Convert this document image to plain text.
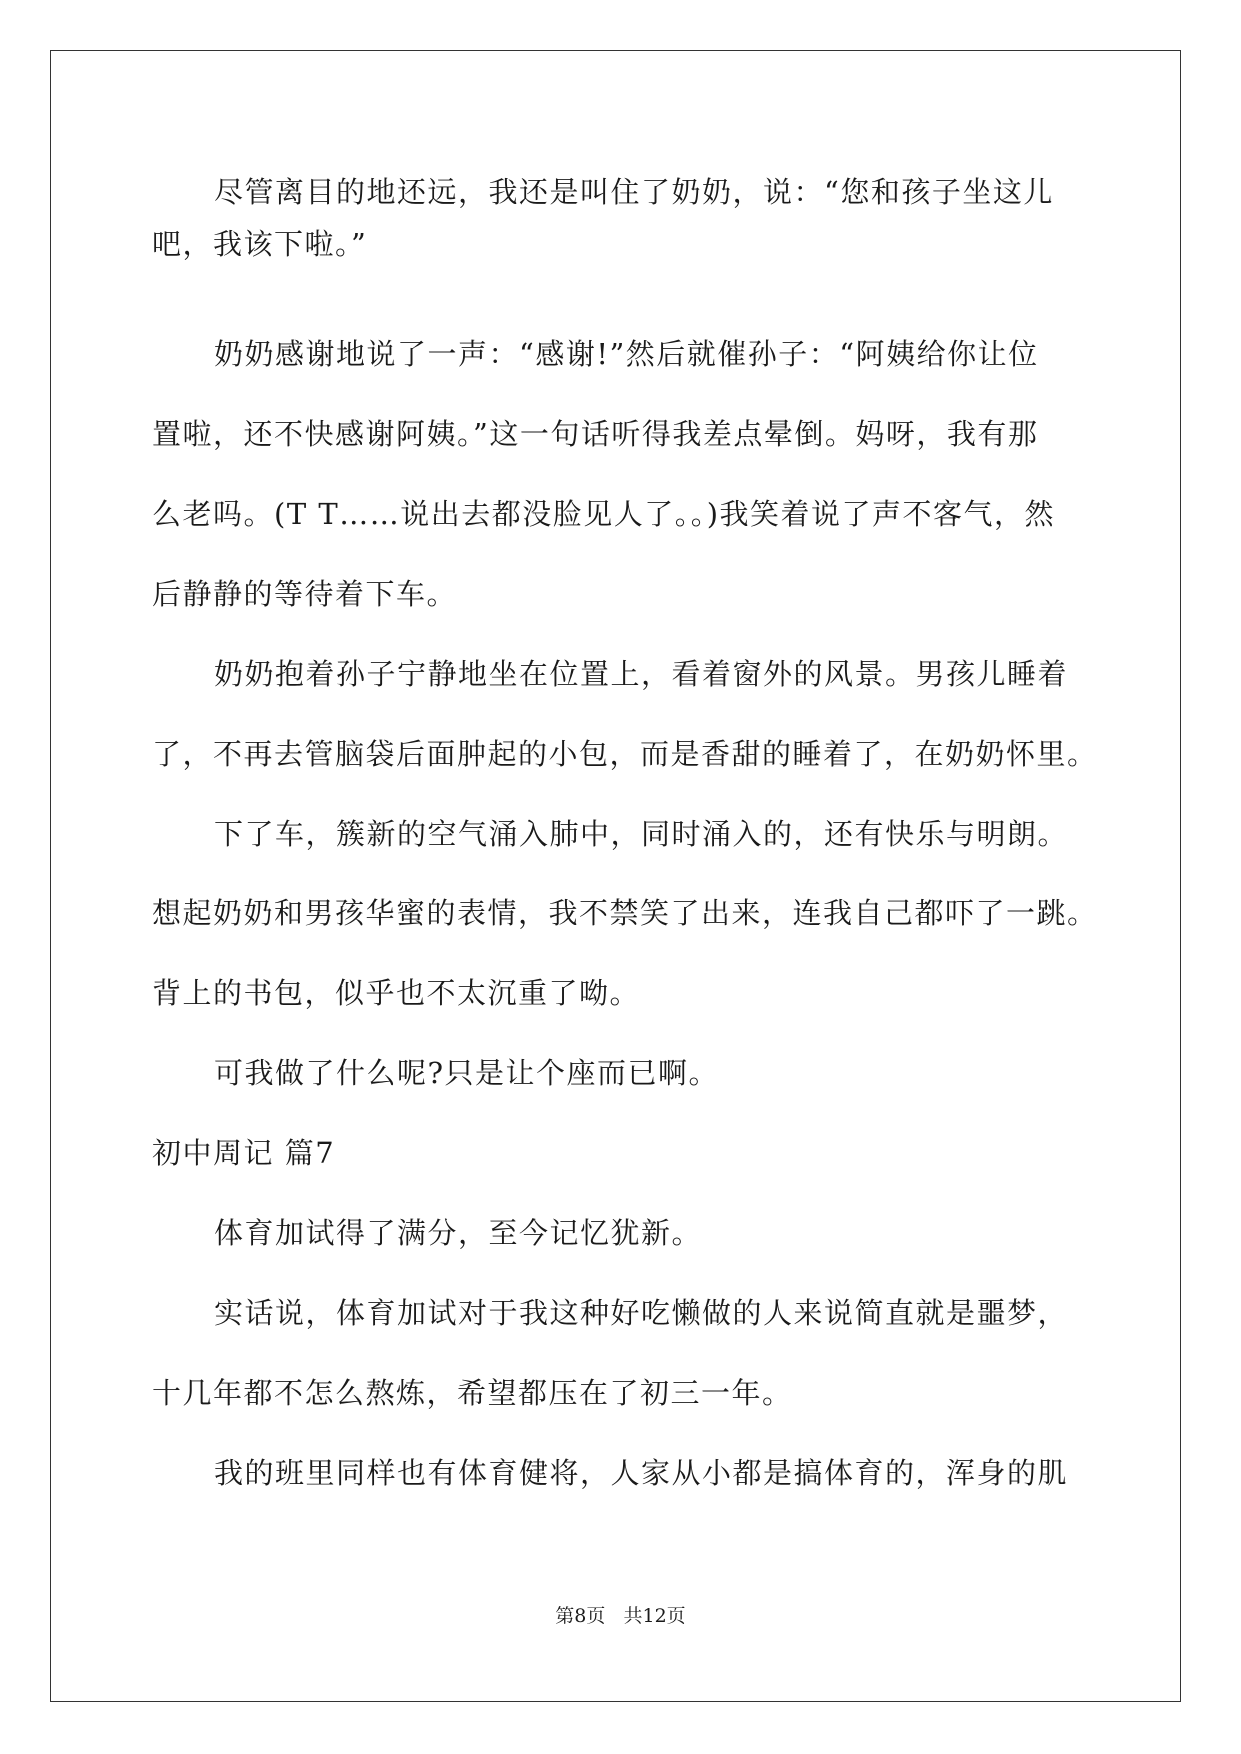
尽管离目的地还远，我还是叫住了奶奶，说：“您和孩子坐这儿
吧，我该下啦。”
奶奶感谢地说了一声：“感谢!”然后就催孙子：“阿姨给你让位
置啦，还不快感谢阿姨。”这一句话听得我差点晕倒。妈呀，我有那
么老吗。(T T……说出去都没脸见人了。。)我笑着说了声不客气，然
后静静的等待着下车。
奶奶抱着孙子宁静地坐在位置上，看着窗外的风景。男孩儿睡着
了，不再去管脑袋后面肿起的小包，而是香甜的睡着了，在奶奶怀里。
下了车，簇新的空气涌入肺中，同时涌入的，还有快乐与明朗。
想起奶奶和男孩华蜜的表情，我不禁笑了出来，连我自己都吓了一跳。
背上的书包，似乎也不太沉重了呦。
可我做了什么呢?只是让个座而已啊。
初中周记 篇7
体育加试得了满分，至今记忆犹新。
实话说，体育加试对于我这种好吃懒做的人来说简直就是噩梦，
十几年都不怎么熬炼，希望都压在了初三一年。
我的班里同样也有体育健将，人家从小都是搞体育的，浑身的肌
第8页   共12页
